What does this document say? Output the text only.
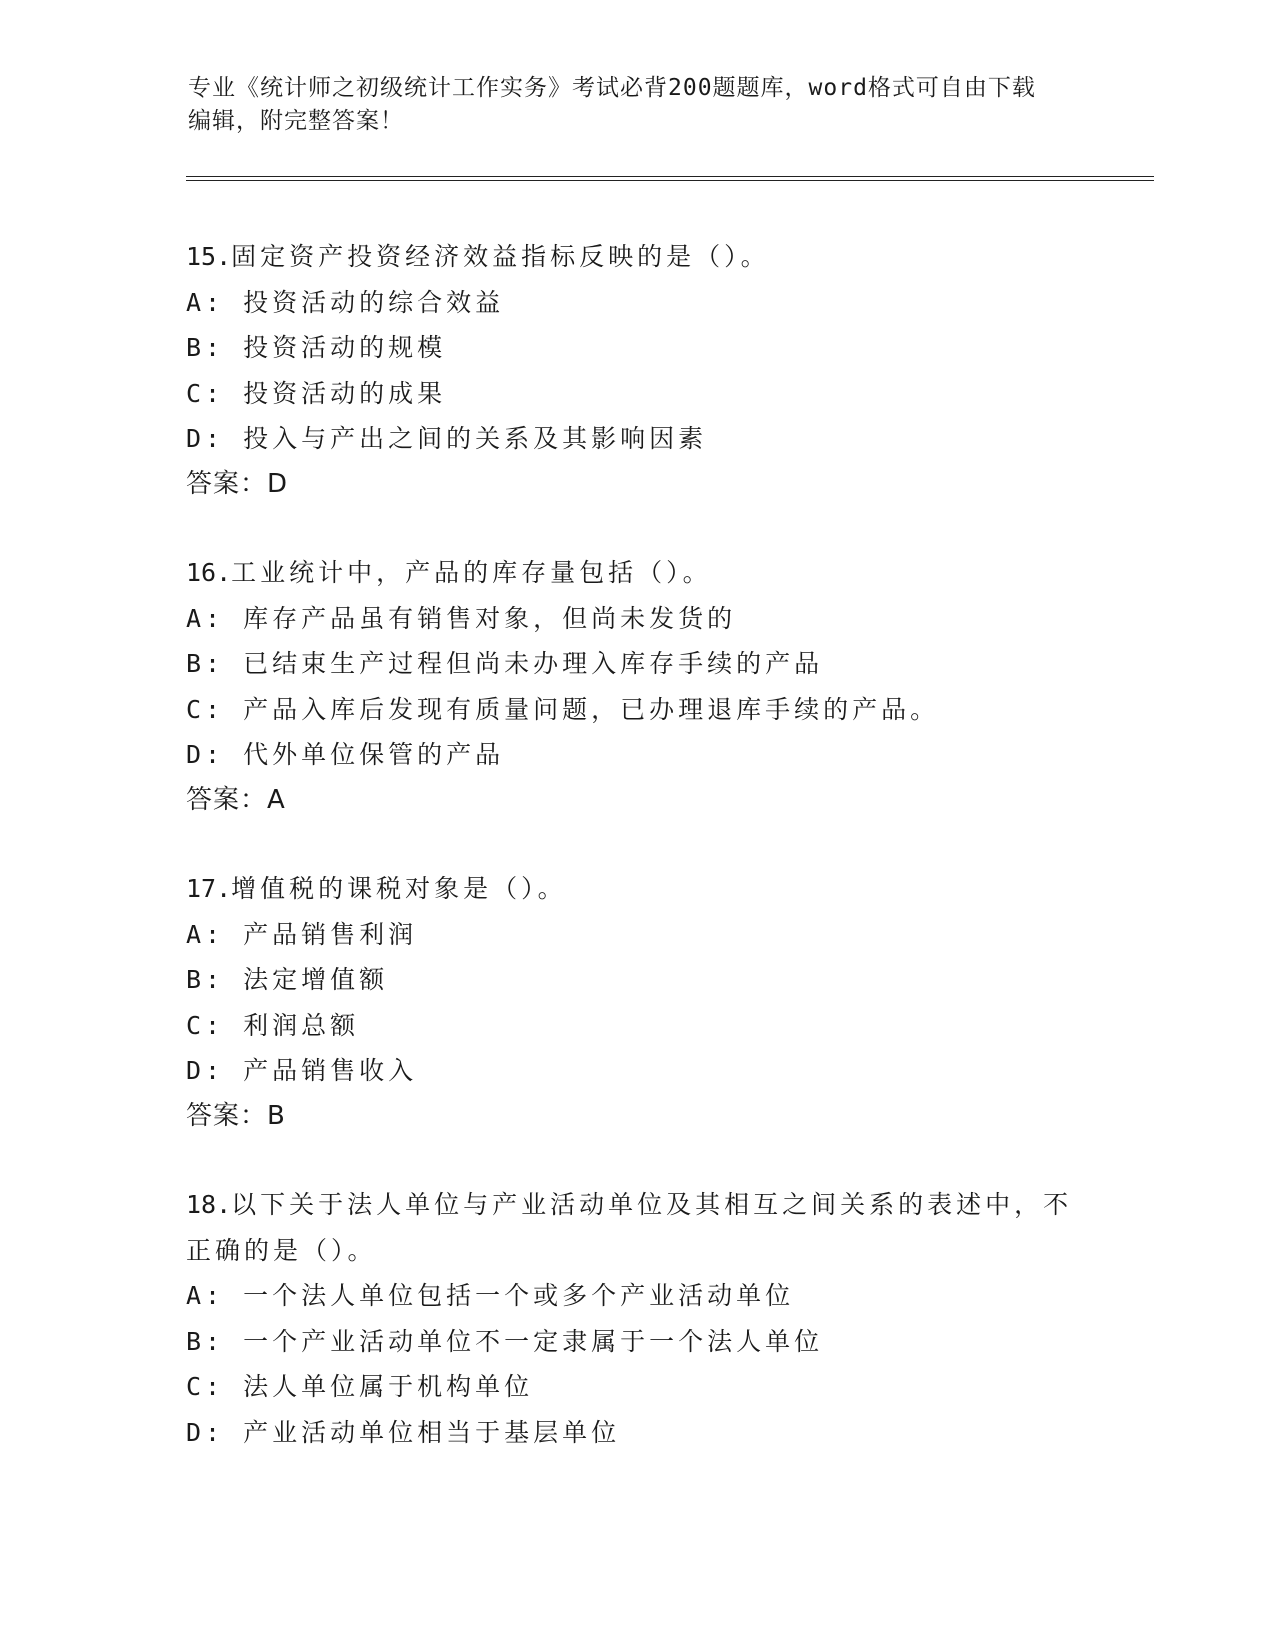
专业《统计师之初级统计工作实务》考试必背200题题库，word格式可自由下载
编辑，附完整答案！
15.固定资产投资经济效益指标反映的是（）。
A: 投资活动的综合效益
B: 投资活动的规模
C: 投资活动的成果
D: 投入与产出之间的关系及其影响因素
答案：D
16.工业统计中，产品的库存量包括（）。
A: 库存产品虽有销售对象，但尚未发货的
B: 已结束生产过程但尚未办理入库存手续的产品
C: 产品入库后发现有质量问题，已办理退库手续的产品。
D: 代外单位保管的产品
答案：A
17.增值税的课税对象是（）。
A: 产品销售利润
B: 法定增值额
C: 利润总额
D: 产品销售收入
答案：B
18.以下关于法人单位与产业活动单位及其相互之间关系的表述中，不正确的是（）。
A: 一个法人单位包括一个或多个产业活动单位
B: 一个产业活动单位不一定隶属于一个法人单位
C: 法人单位属于机构单位
D: 产业活动单位相当于基层单位
